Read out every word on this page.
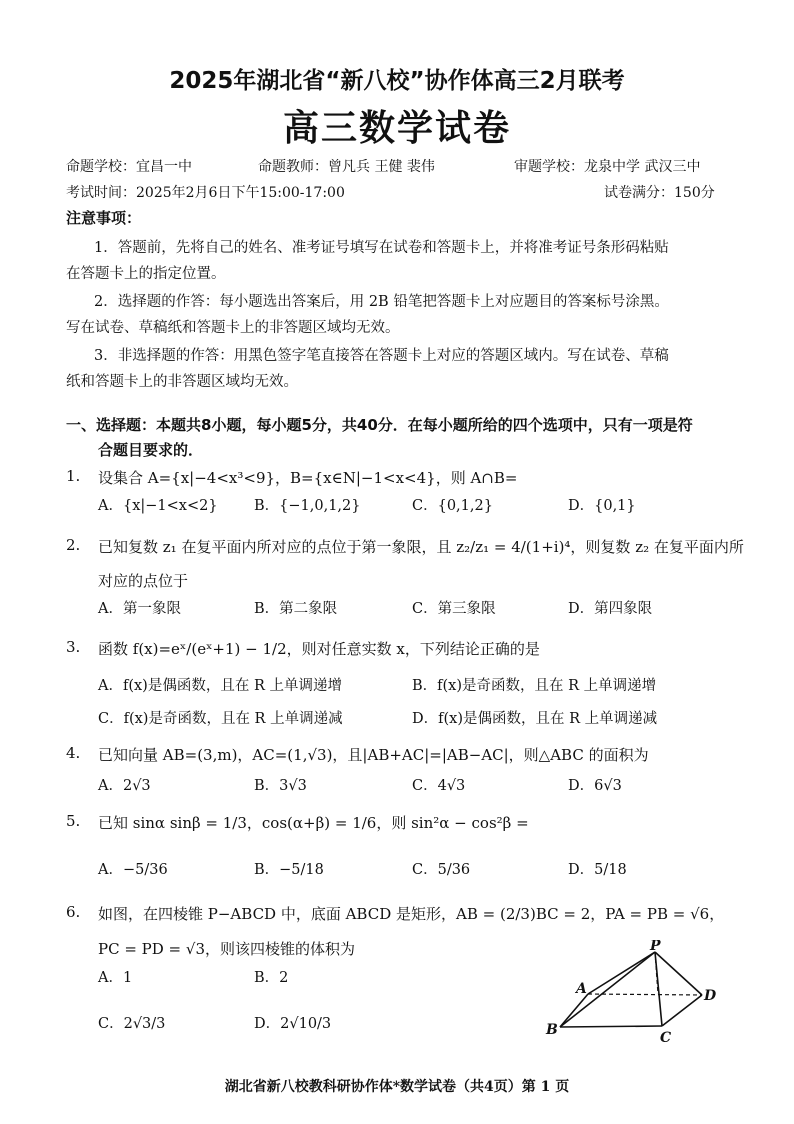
2025年湖北省“新八校”协作体高三2月联考
高三数学试卷
命题学校：宜昌一中	命题教师：曾凡兵 王健 裴伟	审题学校：龙泉中学 武汉三中
考试时间：2025年2月6日下午15:00-17:00	试卷满分：150分
注意事项：
1．答题前，先将自己的姓名、准考证号填写在试卷和答题卡上，并将准考证号条形码粘贴
在答题卡上的指定位置。
2．选择题的作答：每小题选出答案后，用 2B 铅笔把答题卡上对应题目的答案标号涂黑。
写在试卷、草稿纸和答题卡上的非答题区域均无效。
3．非选择题的作答：用黑色签字笔直接答在答题卡上对应的答题区域内。写在试卷、草稿
纸和答题卡上的非答题区域均无效。
一、选择题：本题共8小题，每小题5分，共40分．在每小题所给的四个选项中，只有一项是符
合题目要求的．
1. 设集合 A={x|−4<x³<9}，B={x∈N|−1<x<4}，则 A∩B=
A．{x|−1<x<2}	B．{−1,0,1,2}	C．{0,1,2}	D．{0,1}
2. 已知复数 z₁ 在复平面内所对应的点位于第一象限，且 z₂/z₁ = 4/(1+i)⁴，则复数 z₂ 在复平面内所
对应的点位于
A．第一象限	B．第二象限	C．第三象限	D．第四象限
3. 函数 f(x)=eˣ/(eˣ+1) − 1/2，则对任意实数 x，下列结论正确的是
A．f(x)是偶函数，且在 R 上单调递增	B．f(x)是奇函数，且在 R 上单调递增
C．f(x)是奇函数，且在 R 上单调递减	D．f(x)是偶函数，且在 R 上单调递减
4. 已知向量 AB=(3,m)，AC=(1,√3)，且|AB+AC|=|AB−AC|，则△ABC 的面积为
A．2√3	B．3√3	C．4√3	D．6√3
5. 已知 sinα sinβ = 1/3，cos(α+β) = 1/6，则 sin²α − cos²β =
A．−5/36	B．−5/18	C．5/36	D．5/18
6. 如图，在四棱锥 P−ABCD 中，底面 ABCD 是矩形，AB = (2/3)BC = 2，PA = PB = √6，
PC = PD = √3，则该四棱锥的体积为
A．1	B．2
C．2√3/3	D．2√10/3
P
A	D
B	C
湖北省新八校教科研协作体*数学试卷（共4页）第 1 页
